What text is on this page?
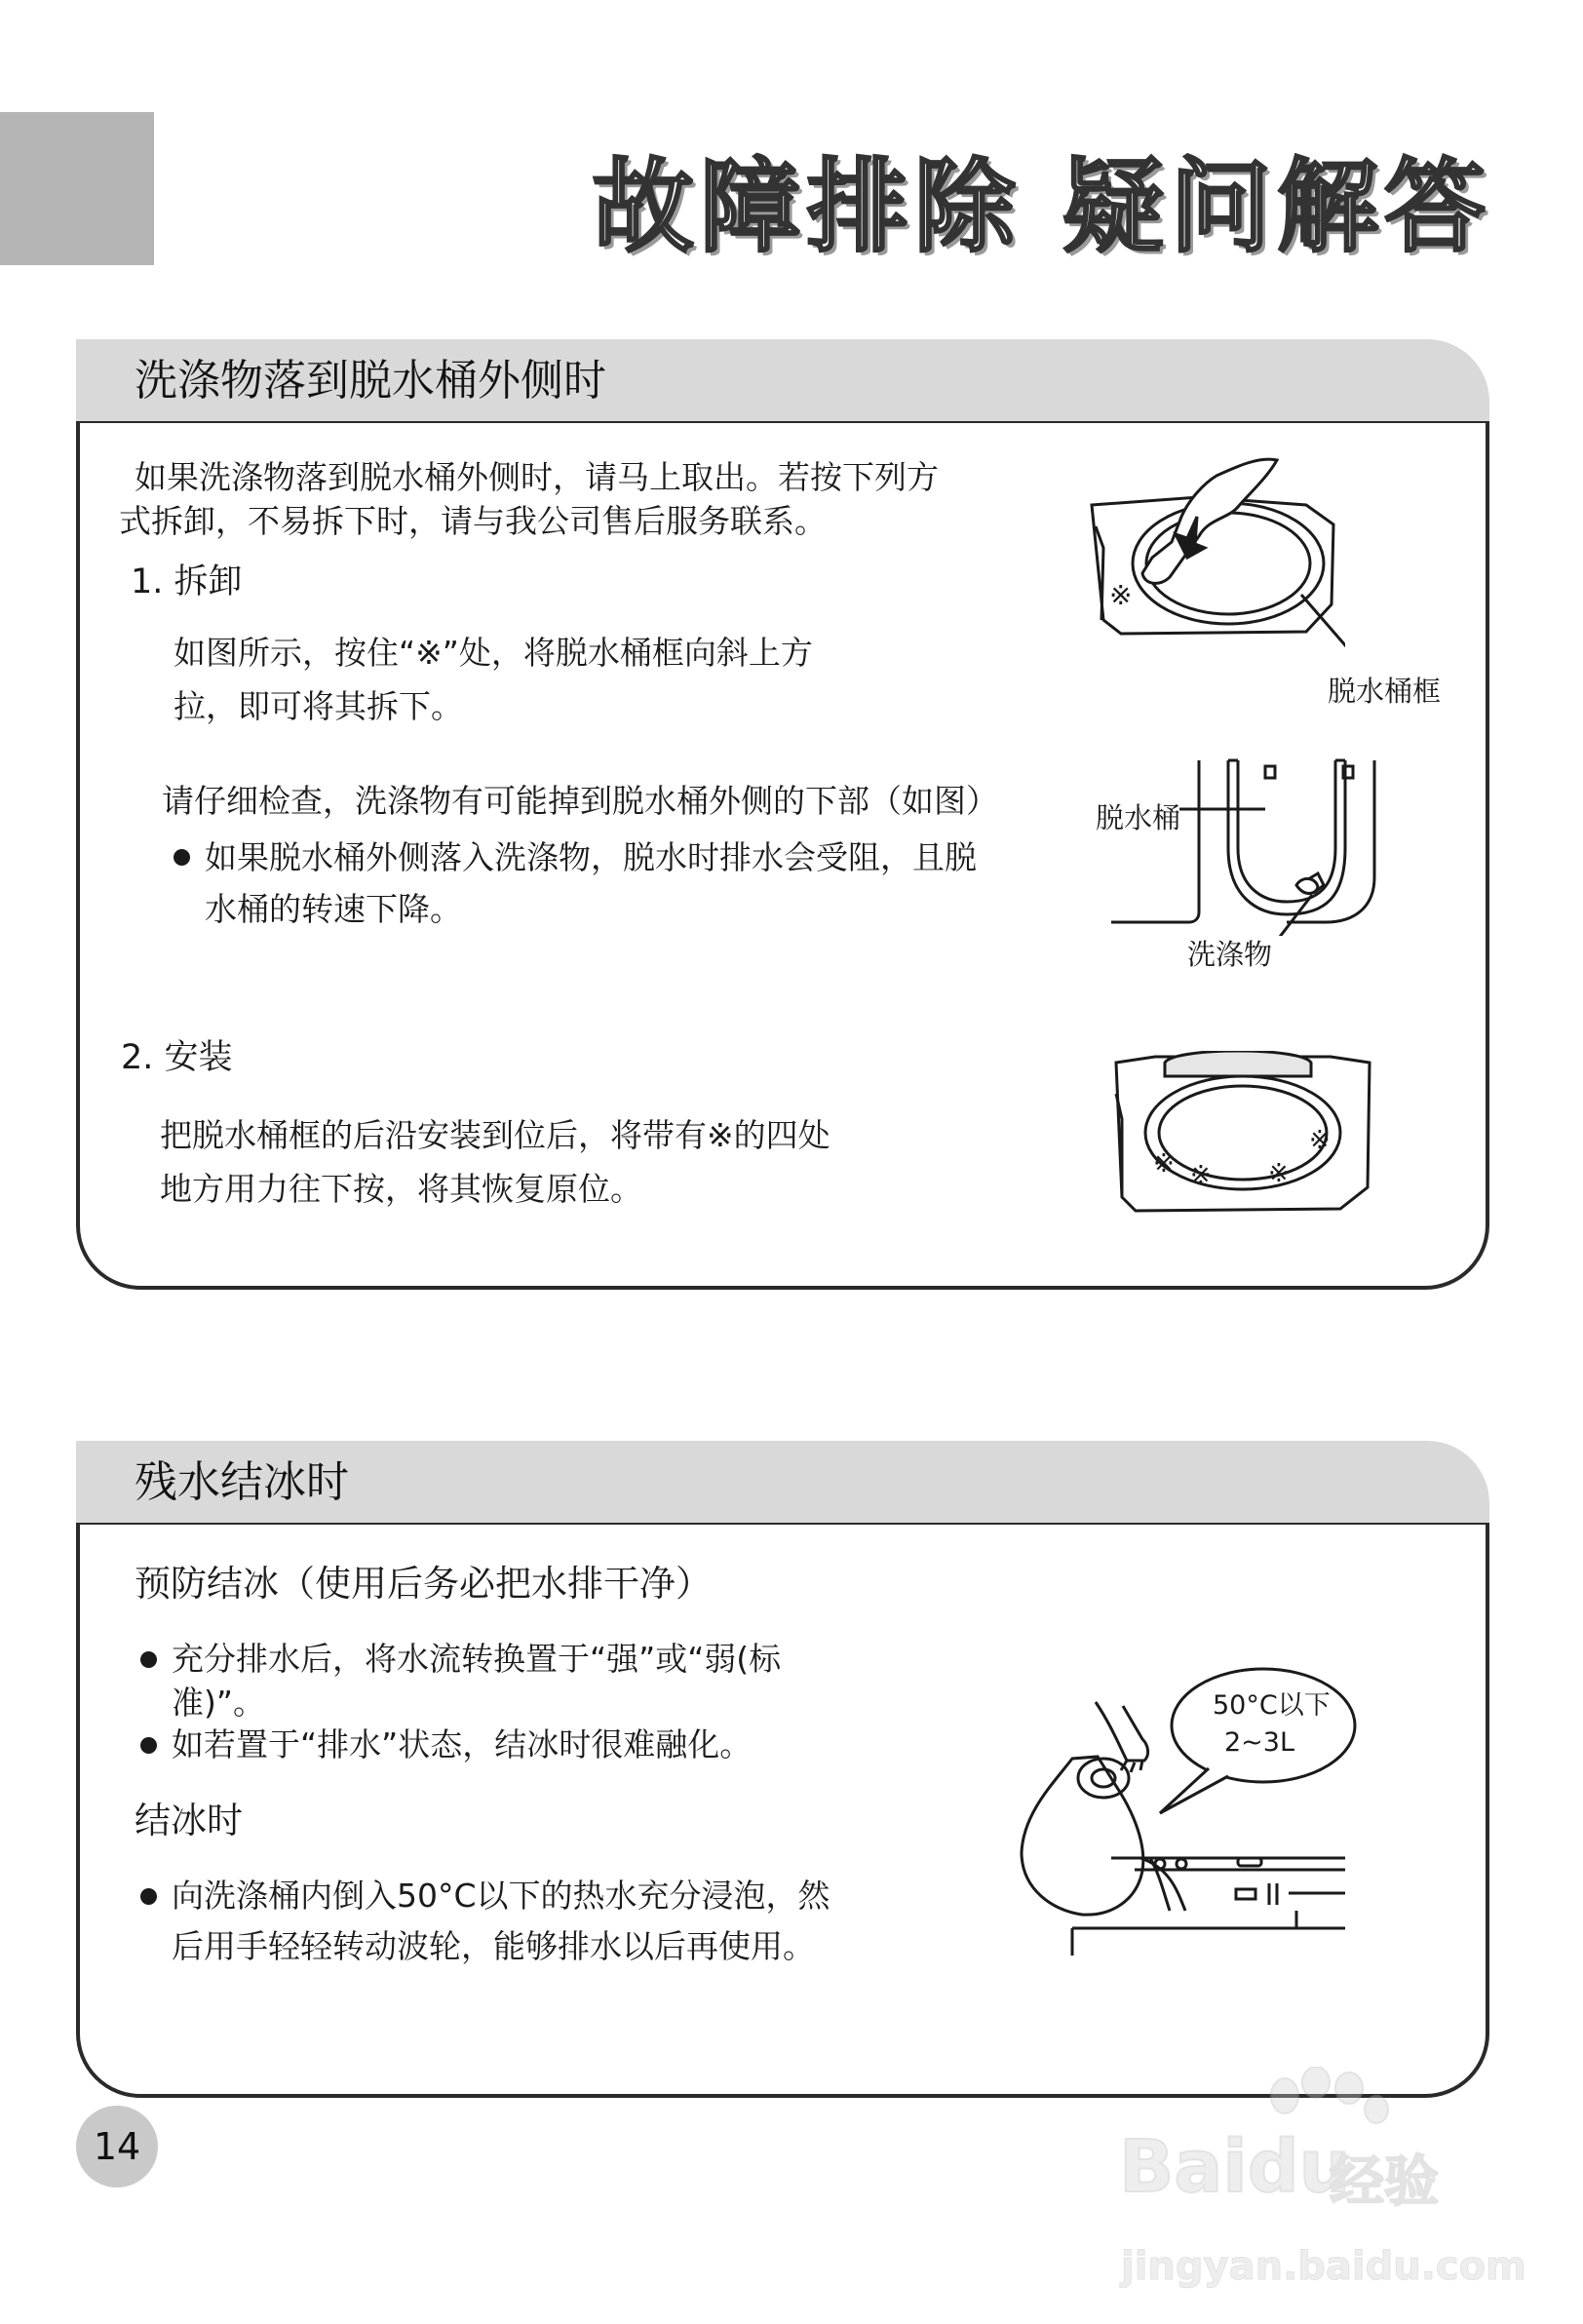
故障排除 疑问解答
洗涤物落到脱水桶外侧时
如果洗涤物落到脱水桶外侧时，请马上取出。若按下列方
式拆卸，不易拆下时，请与我公司售后服务联系。
1. 拆卸
如图所示，按住“※”处，将脱水桶框向斜上方
拉，即可将其拆下。
请仔细检查，洗涤物有可能掉到脱水桶外侧的下部（如图）
如果脱水桶外侧落入洗涤物，脱水时排水会受阻，且脱
水桶的转速下降。
2. 安装
把脱水桶框的后沿安装到位后，将带有※的四处
地方用力往下按，将其恢复原位。
※
脱水桶框
脱水桶
洗涤物
※ ※ ※
※
残水结冰时
预防结冰（使用后务必把水排干净）
充分排水后，将水流转换置于“强”或“弱(标
准)”。
如若置于“排水”状态，结冰时很难融化。
结冰时
向洗涤桶内倒入50°C以下的热水充分浸泡，然
后用手轻轻转动波轮，能够排水以后再使用。
50°C以下
2~3L
14	Baidu
经验
jingyan.baidu.com
